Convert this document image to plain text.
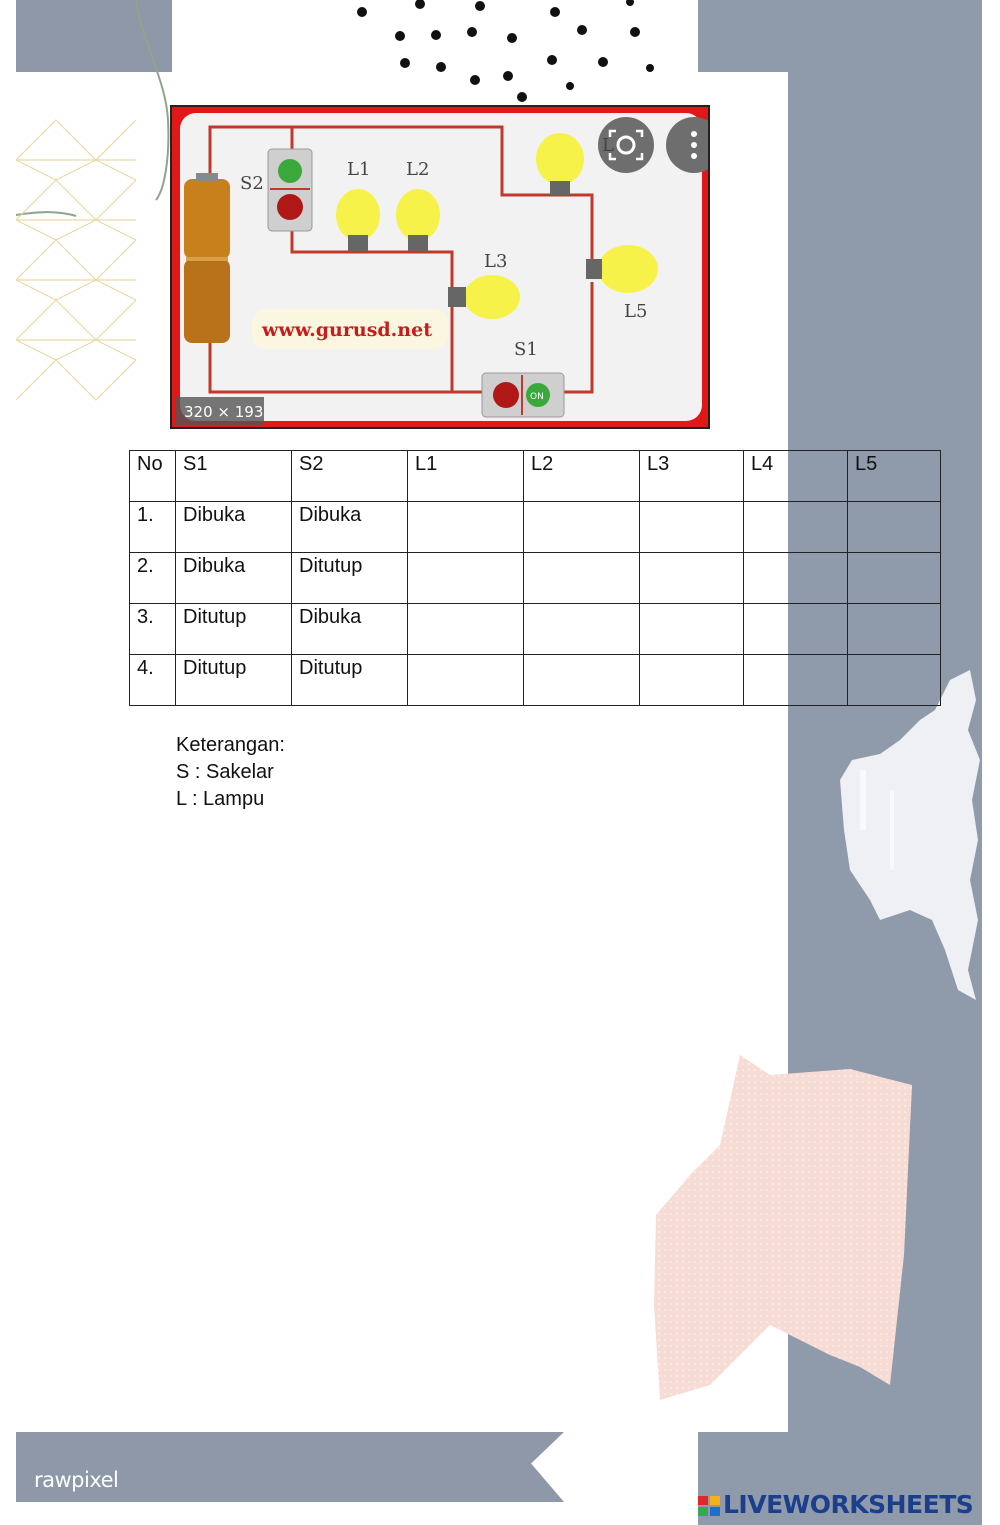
rawpixel
S2
L1 L2
L3
L5
ON
S1
www.gurusd.net
320 × 193
L
No	S1	S2	L1	L2	L3	L4	L5

1.	Dibuka	Dibuka					

2.	Dibuka	Ditutup					

3.	Ditutup	Dibuka					

4.	Ditutup	Ditutup					

Keterangan:
S : Sakelar
L : Lampu
LIVEWORKSHEETS
